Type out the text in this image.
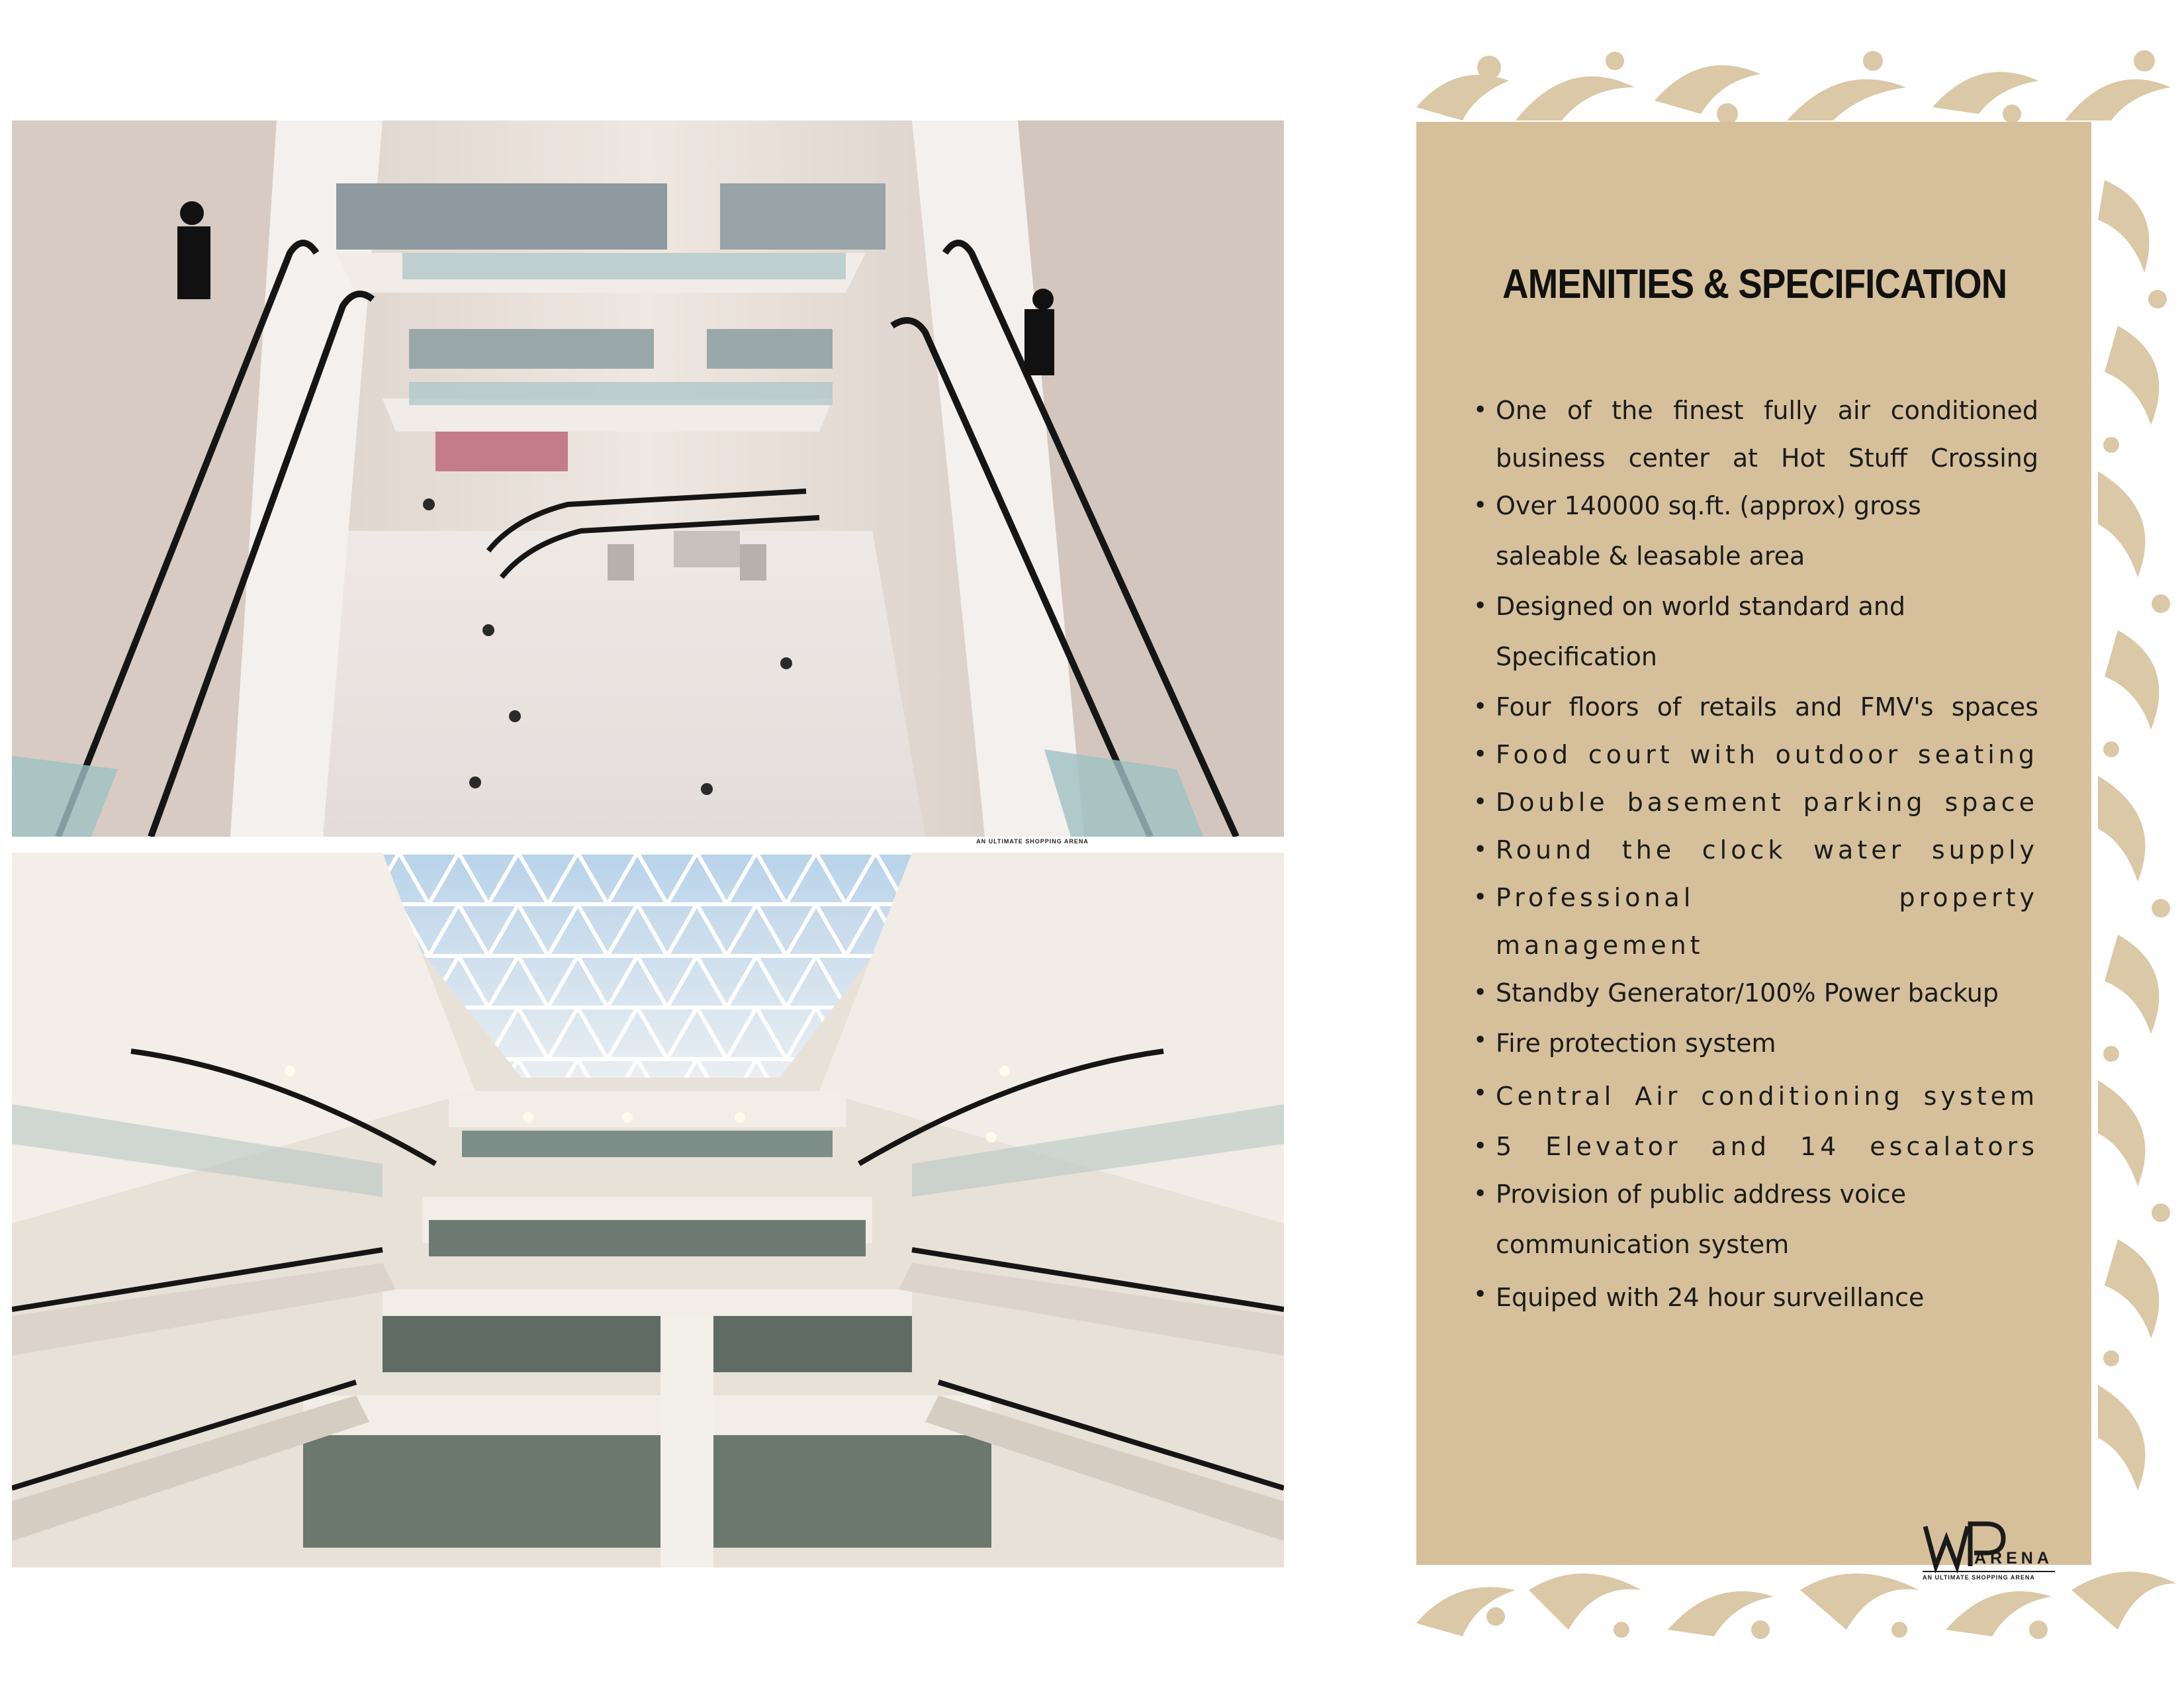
AN ULTIMATE SHOPPING ARENA
AMENITIES & SPECIFICATION
• One of the finest fully air conditioned
business center at Hot Stuff Crossing
• Over 140000 sq.ft. (approx) gross
saleable & leasable area
• Designed on world standard and
Specification
• Four floors of retails and FMV's spaces
• Food court with outdoor seating
• Double basement parking space
• Round the clock water supply
• Professional property management
• Standby Generator/100% Power backup
• Fire protection system
• Central Air conditioning system
• 5 Elevator and 14 escalators
• Provision of public address voice
communication system
• Equiped with 24 hour surveillance
ARENA
AN ULTIMATE SHOPPING ARENA
